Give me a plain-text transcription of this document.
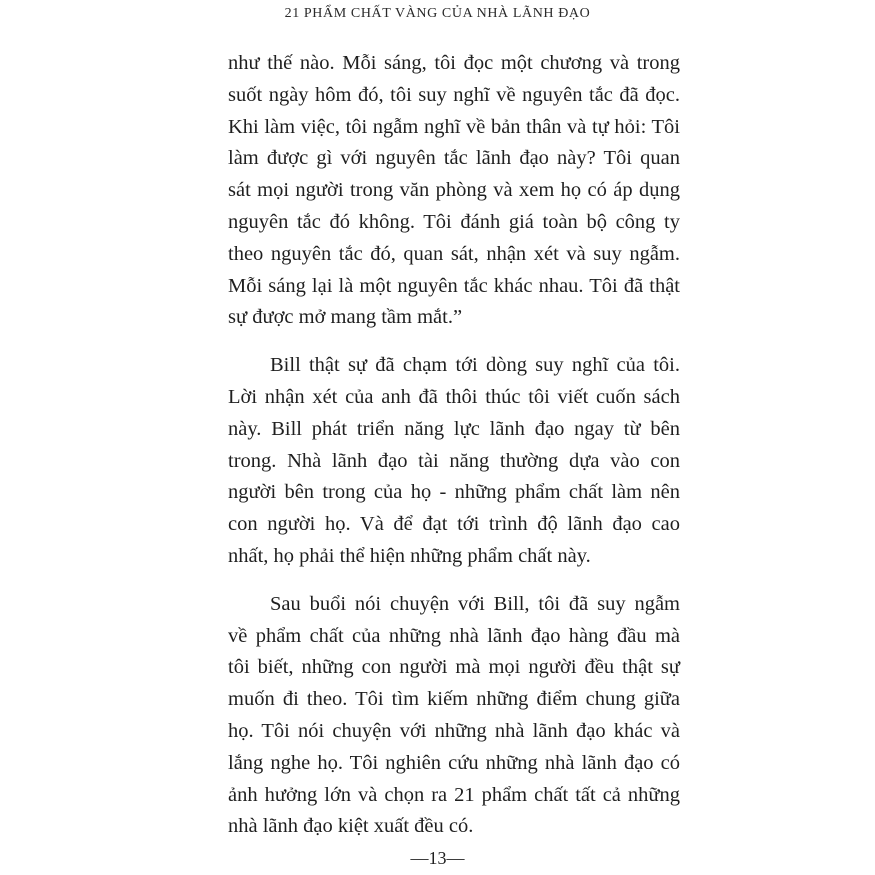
21 PHẨM CHẤT VÀNG CỦA NHÀ LÃNH ĐẠO
như thế nào. Mỗi sáng, tôi đọc một chương và trong
suốt ngày hôm đó, tôi suy nghĩ về nguyên tắc đã đọc.
Khi làm việc, tôi ngẫm nghĩ về bản thân và tự hỏi: Tôi
làm được gì với nguyên tắc lãnh đạo này? Tôi quan
sát mọi người trong văn phòng và xem họ có áp dụng
nguyên tắc đó không. Tôi đánh giá toàn bộ công ty
theo nguyên tắc đó, quan sát, nhận xét và suy ngẫm.
Mỗi sáng lại là một nguyên tắc khác nhau. Tôi đã thật
sự được mở mang tầm mắt.”
Bill thật sự đã chạm tới dòng suy nghĩ của tôi.
Lời nhận xét của anh đã thôi thúc tôi viết cuốn sách
này. Bill phát triển năng lực lãnh đạo ngay từ bên
trong. Nhà lãnh đạo tài năng thường dựa vào con
người bên trong của họ - những phẩm chất làm nên
con người họ. Và để đạt tới trình độ lãnh đạo cao
nhất, họ phải thể hiện những phẩm chất này.
Sau buổi nói chuyện với Bill, tôi đã suy ngẫm
về phẩm chất của những nhà lãnh đạo hàng đầu mà
tôi biết, những con người mà mọi người đều thật sự
muốn đi theo. Tôi tìm kiếm những điểm chung giữa
họ. Tôi nói chuyện với những nhà lãnh đạo khác và
lắng nghe họ. Tôi nghiên cứu những nhà lãnh đạo có
ảnh hưởng lớn và chọn ra 21 phẩm chất tất cả những
nhà lãnh đạo kiệt xuất đều có.
—13—
